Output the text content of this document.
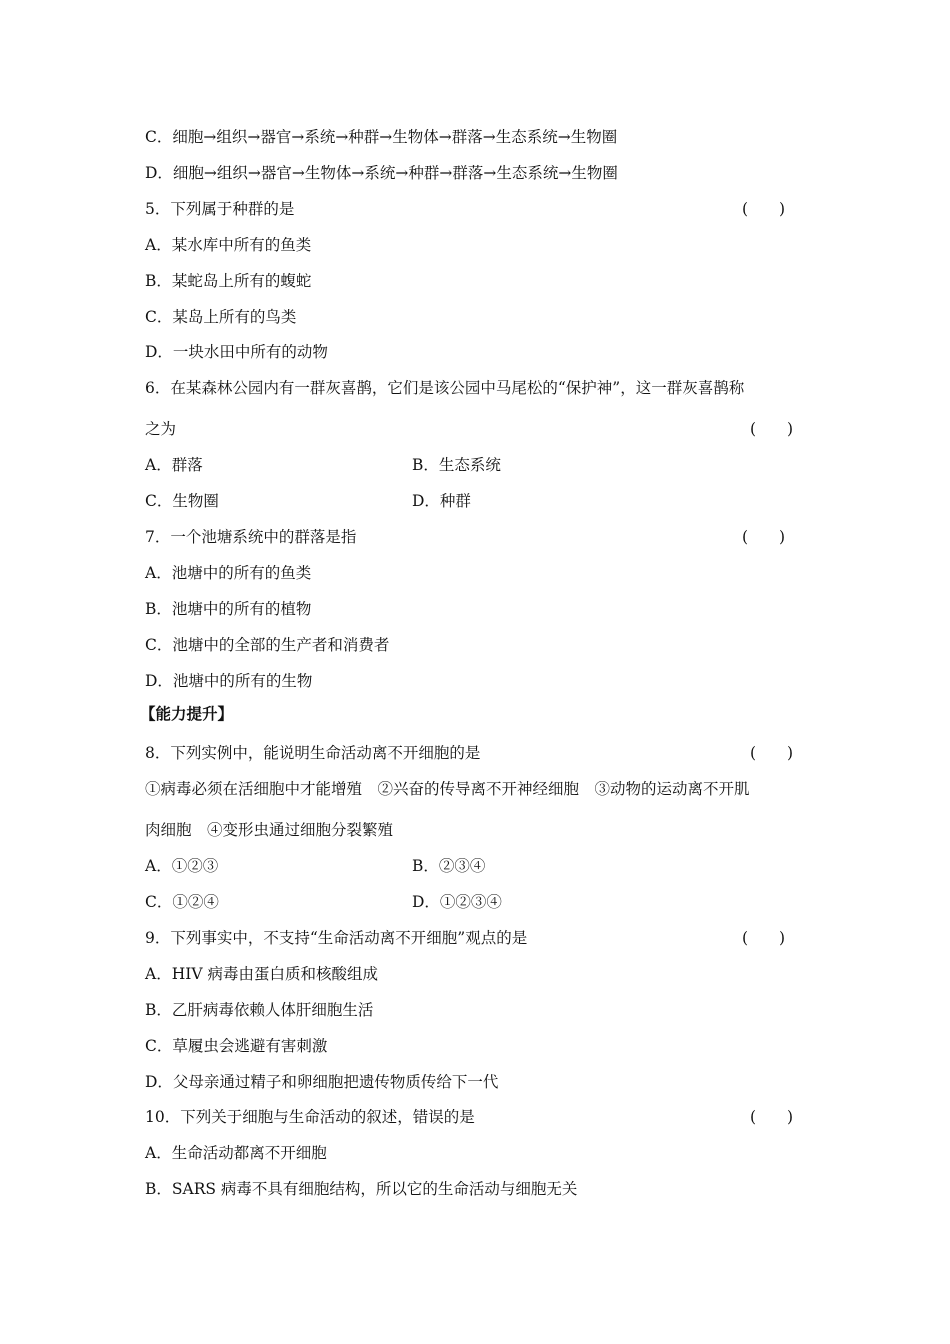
C．细胞→组织→器官→系统→种群→生物体→群落→生态系统→生物圈
D．细胞→组织→器官→生物体→系统→种群→群落→生态系统→生物圈
5．下列属于种群的是	(　　)
A．某水库中所有的鱼类
B．某蛇岛上所有的蝮蛇
C．某岛上所有的鸟类
D．一块水田中所有的动物
6．在某森林公园内有一群灰喜鹊，它们是该公园中马尾松的“保护神”，这一群灰喜鹊称
之为	(　　)
A．群落	B．生态系统
C．生物圈	D．种群
7．一个池塘系统中的群落是指	(　　)
A．池塘中的所有的鱼类
B．池塘中的所有的植物
C．池塘中的全部的生产者和消费者
D．池塘中的所有的生物
【能力提升】
8．下列实例中，能说明生命活动离不开细胞的是	(　　)
①病毒必须在活细胞中才能增殖　②兴奋的传导离不开神经细胞　③动物的运动离不开肌
肉细胞　④变形虫通过细胞分裂繁殖
A．①②③	B．②③④
C．①②④	D．①②③④
9．下列事实中，不支持“生命活动离不开细胞”观点的是	(　　)
A．HIV 病毒由蛋白质和核酸组成
B．乙肝病毒依赖人体肝细胞生活
C．草履虫会逃避有害刺激
D．父母亲通过精子和卵细胞把遗传物质传给下一代
10．下列关于细胞与生命活动的叙述，错误的是	(　　)
A．生命活动都离不开细胞
B．SARS 病毒不具有细胞结构，所以它的生命活动与细胞无关
